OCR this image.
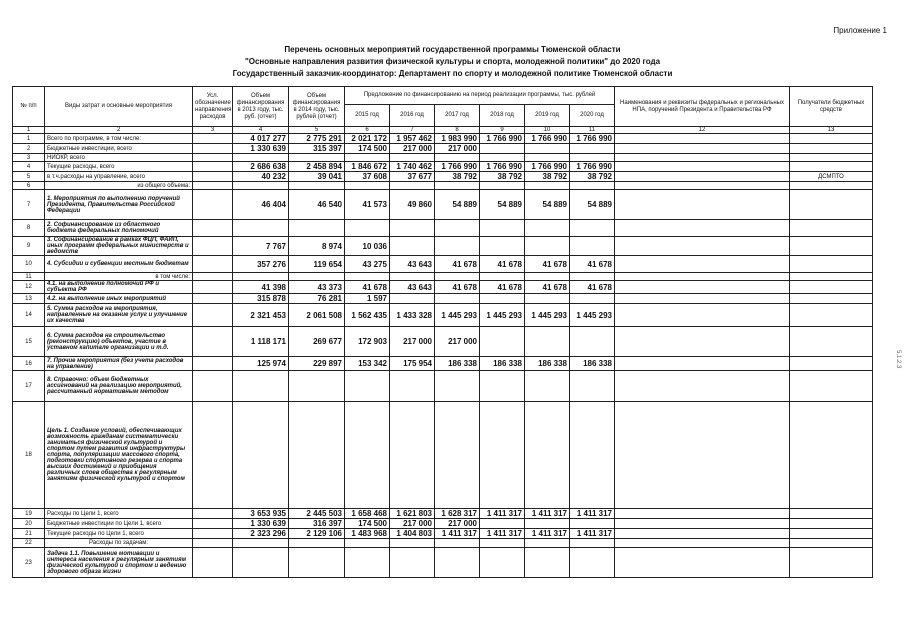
Приложение 1
Перечень основных мероприятий государственной программы Тюменской области
"Основные направления развития физической культуры и спорта, молодежной политики" до 2020 года
Государственный заказчик-координатор: Департамент по спорту и молодежной политике Тюменской области
№ п/п	Виды затрат и основные мероприятия	Усл. обозначение направления расходов	Объем финансирования в 2013 году, тыс. руб. (отчет)	Объем финансирования в 2014 году, тыс. рублей (отчет)	Предложение по финансированию на период реализации программы, тыс. рублей						Наименования и реквизиты федеральных и региональных НПА, поручений Президента и Правительства РФ	Получатели бюджетных средств
					2015 год	2016 год	2017 год	2018 год	2019 год	2020 год		
1	2	3	4	5	6	7	8	9	10	11	12	13
1	Всего по программе, в том числе:		4 017 277	2 775 291	2 021 172	1 957 462	1 983 990	1 766 990	1 766 990	1 766 990		
2	Бюджетные инвестиции, всего		1 330 639	315 397	174 500	217 000	217 000					
3	НИОКР, всего											
4	Текущие расходы, всего		2 686 638	2 458 894	1 846 672	1 740 462	1 766 990	1 766 990	1 766 990	1 766 990		
5	в т.ч.расходы на управление, всего		40 232	39 041	37 608	37 677	38 792	38 792	38 792	38 792		ДСМПТО
6	из общего объема:											
7	1. Мероприятия по выполнению поручений Президента, Правительства Российской Федерации		46 404	46 540	41 573	49 860	54 889	54 889	54 889	54 889		
8	2. Софинансирование из областного бюджета федеральных полномочий											
9	3. Софинансирование в рамках ФЦП, ФАИП, иных программ федеральных министерств и ведомств		7 767	8 974	10 036							
10	4. Субсидии и субвенции местным бюджетам		357 276	119 654	43 275	43 643	41 678	41 678	41 678	41 678		
11	в том числе:											
12	4.1. на выполнение полномочий РФ и субъекта РФ		41 398	43 373	41 678	43 643	41 678	41 678	41 678	41 678		
13	4.2. на выполнение иных мероприятий		315 878	76 281	1 597							
14	5. Сумма расходов на мероприятия, направленные на оказание услуг и улучшение их качества		2 321 453	2 061 508	1 562 435	1 433 328	1 445 293	1 445 293	1 445 293	1 445 293		
15	6. Сумма расходов на строительство (реконструкцию) объектов, участие в уставном капитале организации и т.д.		1 118 171	269 677	172 903	217 000	217 000					
16	7. Прочие мероприятия (без учета расходов на управление)		125 974	229 897	153 342	175 954	186 338	186 338	186 338	186 338		
17	8. Справочно: объем бюджетных ассигнований на реализацию мероприятий, рассчитанный нормативным методом											
18	Цель 1. Создание условий, обеспечивающих возможность гражданам систематически заниматься физической культурой и спортом путем развития инфраструктуры спорта, популяризации массового спорта, подготовки спортивного резерва и спорта высших достижений и приобщения различных слоев общества к регулярным занятиям физической культурой и спортом											
19	Расходы по Цели 1, всего		3 653 935	2 445 503	1 658 468	1 621 803	1 628 317	1 411 317	1 411 317	1 411 317		
20	Бюджетные инвестиции по Цели 1, всего		1 330 639	316 397	174 500	217 000	217 000					
21	Текущие расходы по Цели 1, всего		2 323 296	2 129 106	1 483 968	1 404 803	1 411 317	1 411 317	1 411 317	1 411 317		
22	Расходы по задачам:											
23	Задача 1.1. Повышение мотивации и интереса населения к регулярным занятиям физической культурой и спортом и ведению здорового образа жизни											
5.1.2.3
